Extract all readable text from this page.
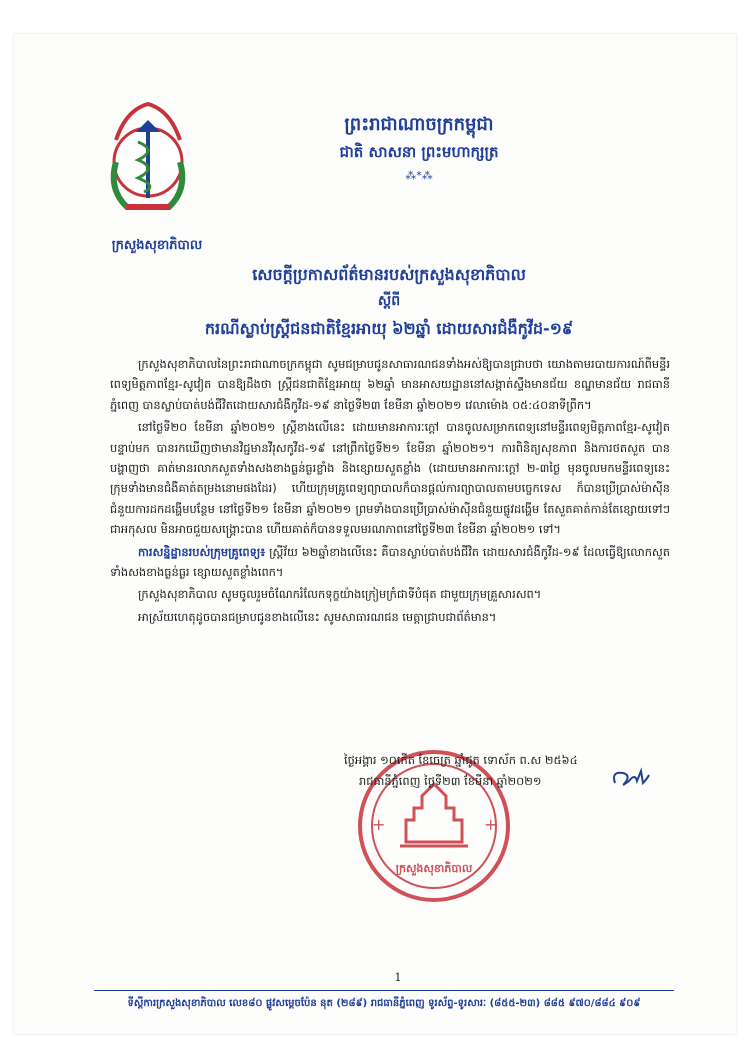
ក្រសួងសុខាភិបាល
ព្រះរាជាណាចក្រកម្ពុជា
ជាតិ សាសនា ព្រះមហាក្សត្រ
⁂*⁂
សេចក្តីប្រកាសព័ត៌មានរបស់ក្រសួងសុខាភិបាល
ស្តីពី
ករណីស្លាប់ស្ត្រីជនជាតិខ្មែរអាយុ ៦២ឆ្នាំ ដោយសារជំងឺកូវីដ-១៩

ក្រសួងសុខាភិបាលនៃព្រះរាជាណាចក្រកម្ពុជា សូមជម្រាបជូនសាធារណជនទាំងអស់ឱ្យបានជ្រាបថា យោងតាមរបាយការណ៍ពីមន្ទីរពេទ្យមិត្តភាពខ្មែរ-សូវៀត បានឱ្យដឹងថា ស្ត្រីជនជាតិខ្មែរអាយុ ៦២ឆ្នាំ មានអាសយដ្ឋាននៅសង្កាត់ស្ទឹងមានជ័យ ខណ្ឌមានជ័យ រាជធានីភ្នំពេញ បានស្លាប់បាត់បង់ជីវិតដោយសារជំងឺកូវីដ-១៩ នាថ្ងៃទី២៣ ខែមីនា ឆ្នាំ២០២១ វេលាម៉ោង ០៥:៤០នាទីព្រឹក។

នៅថ្ងៃទី២០ ខែមីនា ឆ្នាំ២០២១ ស្ត្រីខាងលើនេះ ដោយមានអាការៈក្តៅ បានចូលសម្រាកពេទ្យនៅមន្ទីរពេទ្យមិត្តភាពខ្មែរ-សូវៀត បន្ទាប់មក បានរកឃើញថាមានវិជ្ជមានវីរុសកូវីដ-១៩ នៅព្រឹកថ្ងៃទី២១ ខែមីនា ឆ្នាំ២០២១។ ការពិនិត្យសុខភាព និងការថតសួត បានបង្ហាញថា គាត់មានរលាកសួតទាំងសងខាងធ្ងន់ធ្ងរខ្លាំង និងខ្សោយសួតខ្លាំង (ដោយមានអាការៈក្តៅ ២-៣ថ្ងៃ មុនចូលមកមន្ទីរពេទ្យនេះ ក្រុមទាំងមានជំងឺគាត់តម្រងនោមផងដែរ) ហើយក្រុមគ្រូពេទ្យព្យាបាលក៏បានផ្តល់ការព្យាបាលតាមបច្ចេកទេស ក៏បានប្រើប្រាស់ម៉ាស៊ីនជំនួយការដកដង្ហើមបន្ថែម នៅថ្ងៃទី២១ ខែមីនា ឆ្នាំ២០២១ ព្រមទាំងបានប្រើប្រាស់ម៉ាស៊ីនជំនួយផ្លូវដង្ហើម តែសួតគាត់កាន់តែខ្សោយទៅៗ ជាអកុសល មិនអាចជួយសង្គ្រោះបាន ហើយគាត់ក៏បានទទួលមរណភាពនៅថ្ងៃទី២៣ ខែមីនា ឆ្នាំ២០២១ ទៅ។

ការសន្និដ្ឋានរបស់ក្រុមគ្រូពេទ្យ៖ ស្ត្រីវ័យ ៦២ឆ្នាំខាងលើនេះ គឺបានស្លាប់បាត់បង់ជីវិត ដោយសារជំងឺកូវីដ-១៩ ដែលធ្វើឱ្យលោកសួតទាំងសងខាងធ្ងន់ធ្ងរ ខ្សោយសួតខ្លាំងពេក។

ក្រសួងសុខាភិបាល សូមចូលរួមចំណែករំលែកទុក្ខយ៉ាងក្រៀមក្រំជាទីបំផុត ជាមួយក្រុមគ្រួសារសព។

អាស្រ័យហេតុដូចបានជម្រាបជូនខាងលើនេះ សូមសាធារណជន មេត្តាជ្រាបជាព័ត៌មាន។

+	+
ក្រសួងសុខាភិបាល
ថ្ងៃអង្គារ ១០កើត ខែចេត្រ ឆ្នាំជូត ទោស័ក ព.ស ២៥៦៤
រាជធានីភ្នំពេញ ថ្ងៃទី២៣ ខែមីនា ឆ្នាំ២០២១
1
ទីស្តីការក្រសួងសុខាភិបាល លេខ៨០ ផ្លូវសម្តេចប៉ែន នុត (២៨៩) រាជធានីភ្នំពេញ ទូរស័ព្ទ-ទូរសារៈ (៨៥៥-២៣) ៨៨៥ ៩៧០/៨៨៤ ៩០៩
